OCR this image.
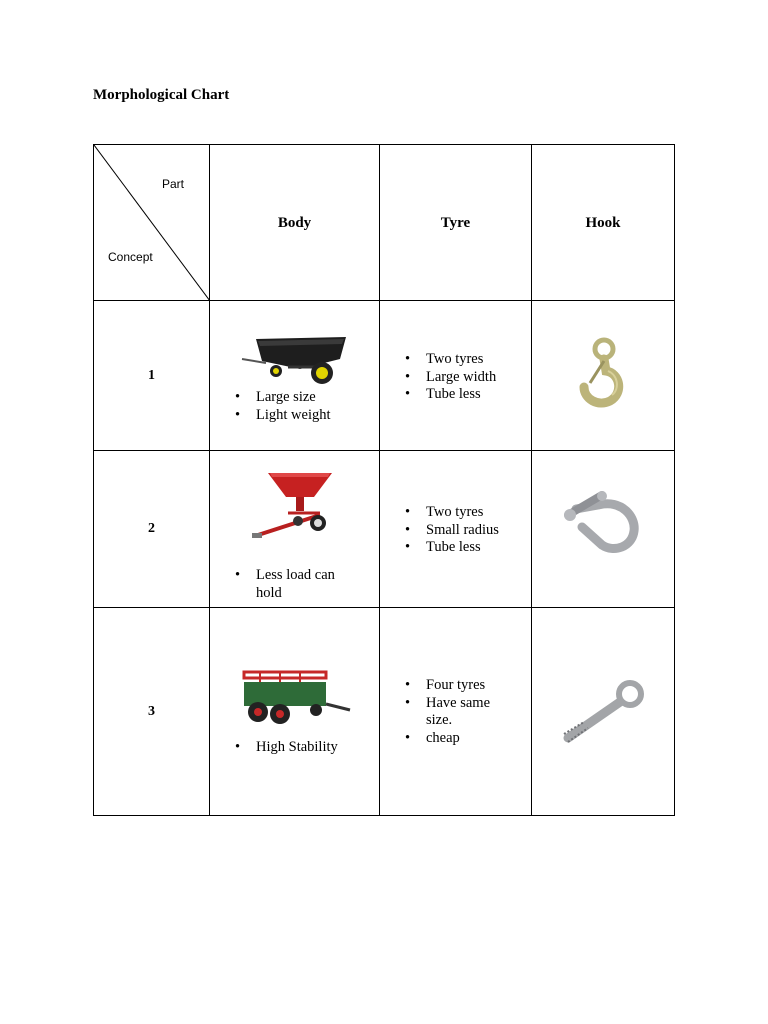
Morphological Chart
Part
Concept
Body	Tyre	Hook
1
• Large size
• Light weight
• Two tyres
• Large width
• Tube less
2
• Less load can hold
• Two tyres
• Small radius
• Tube less
3
• High Stability
• Four tyres
• Have same size.
• cheap
